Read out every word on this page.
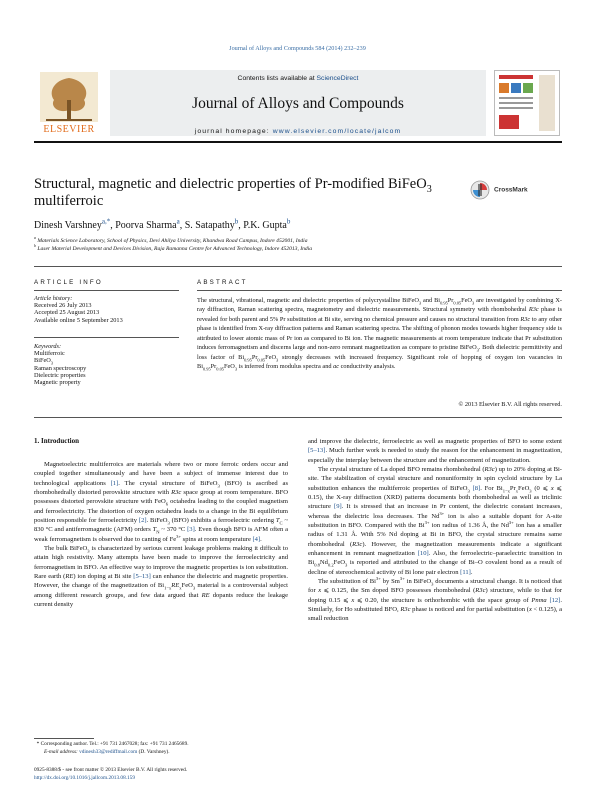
Journal of Alloys and Compounds 584 (2014) 232–239
ELSEVIER
Contents lists available at ScienceDirect
Journal of Alloys and Compounds
journal homepage: www.elsevier.com/locate/jalcom
Structural, magnetic and dielectric properties of Pr-modified BiFeO$_3$
multiferroic
CrossMark
Dinesh Varshney$^{a,*}$, Poorva Sharma$^a$, S. Satapathy$^b$, P.K. Gupta$^b$
$^a$ Materials Science Laboratory, School of Physics, Devi Ahilya University, Khandwa Road Campus, Indore 452001, India
$^b$ Laser Material Development and Devices Division, Raja Ramanna Centre for Advanced Technology, Indore 452013, India
ARTICLE INFO	ABSTRACT
Article history:
Received 26 July 2013
Accepted 25 August 2013
Available online 5 September 2013
Keywords:
Multiferroic
BiFeO$_3$
Raman spectroscopy
Dielectric properties
Magnetic property
The structural, vibrational, magnetic and dielectric properties of polycrystalline BiFeO$_3$ and $Bi_{0.95}Pr_{0.05}FeO_3$ are investigated by combining X-ray diffraction, Raman scattering spectra, magnetometry and dielectric measurements. Structural symmetry with rhombohedral R3c phase is revealed for both parent and 5% Pr substitution at Bi site, serving no chemical pressure and causes no structural transition from R3c to any other phase is identified from X-ray diffraction patterns and Raman scattering spectra. The shifting of phonon modes towards higher frequency side is attributed to lower atomic mass of Pr ion as compared to Bi ion. The magnetic measurements at room temperature indicate that Pr substitution induces ferromagnetism and discerns large and non-zero remnant magnetization as compare to pristine BiFeO$_3$. Both dielectric permittivity and loss factor of $Bi_{0.95}Pr_{0.05}FeO_3$ strongly decreases with increased frequency. Significant role of hopping of oxygen ion vacancies in $Bi_{0.95}Pr_{0.05}FeO_3$ is inferred from modulus spectra and ac conductivity analysis.
© 2013 Elsevier B.V. All rights reserved.
1. Introduction

Magnetoelectric multiferroics are materials where two or more ferroic orders occur and coupled together simultaneously and have been a subject of immense interest due to technological applications [1]. The crystal structure of BiFeO$_3$ (BFO) is ascribed as rhombohedrally distorted perovskite structure with R3c space group at room temperature. BFO possesses distorted perovskite structure with FeO$_6$ octahedra leading to the coupled magnetism and ferroelectricity. The distortion of oxygen octahedra leads to a change in the Bi equilibrium position responsible for ferroelectricity [2]. BiFeO$_3$ (BFO) exhibits a ferroelectric ordering $T_C$ ~ 830 °C and antiferromagnetic (AFM) orders $T_N$ ~ 370 °C [3]. Even though BFO is AFM often a weak ferromagnetism is observed due to canting of $Fe^{3+}$ spins at room temperature [4].

The bulk BiFeO$_3$ is characterized by serious current leakage problems making it difficult to attain high resistivity. Many attempts have been made to improve the ferroelectricity and ferromagnetism in BFO. An effective way to improve the magnetic properties is ion substitution. Rare earth (RE) ion doping at Bi site [5–13] can enhance the dielectric and magnetic properties. However, the change of the magnetization of $Bi_{1-x}RE_xFeO_3$ material is a controversial subject among different research groups, and few data argued that RE dopants reduce the leakage current density

and improve the dielectric, ferroelectric as well as magnetic properties of BFO to some extent [5–13]. Much further work is needed to study the reason for the enhancement in magnetization, especially the interplay between the structure and the enhancement of magnetization.

The crystal structure of La doped BFO remains rhombohedral (R3c) up to 20% doping at Bi-site. The stabilization of crystal structure and nonuniformity in spin cycloid structure by La substitution enhances the multiferroic properties of BiFeO$_3$ [8]. For $Bi_{1-x}Pr_xFeO_3$ (0 ⩽ x ⩽ 0.15), the X-ray diffraction (XRD) patterns documents both rhombohedral as well as triclinic structure [9]. It is stressed that an increase in Pr content, the dielectric constant increases, whereas the dielectric loss decreases. The $Nd^{3+}$ ion is also a suitable dopant for A-site substitution in BFO. Compared with the $Bi^{3+}$ ion radius of 1.36 Å, the $Nd^{3+}$ ion has a smaller radius of 1.31 Å. With 5% Nd doping at Bi in BFO, the crystal structure remains same rhombohedral (R3c). However, the magnetization measurements indicate a significant enhancement in remnant magnetization [10]. Also, the ferroelectric–paraelectric transition in $Bi_{0.8}Nd_{0.2}FeO_3$ is reported and attributed to the change of Bi–O covalent bond as a result of decline of stereochemical activity of Bi lone pair electron [11].

The substitution of $Bi^{3+}$ by $Sm^{3+}$ in BiFeO$_3$ documents a structural change. It is noticed that for x ⩽ 0.125, the Sm doped BFO possesses rhombohedral (R3c) structure, while to that for doping 0.15 ⩽ x ⩽ 0.20, the structure is orthorhombic with the space group of Pnma [12]. Similarly, for Ho substituted BFO, R3c phase is noticed and for partial substitution (x < 0.125), a small reduction

* Corresponding author. Tel.: +91 731 2467028; fax: +91 731 2465689.
E-mail address: vdinesh33@rediffmail.com (D. Varshney).
0925-8388/$ - see front matter © 2013 Elsevier B.V. All rights reserved.
http://dx.doi.org/10.1016/j.jallcom.2013.08.159
